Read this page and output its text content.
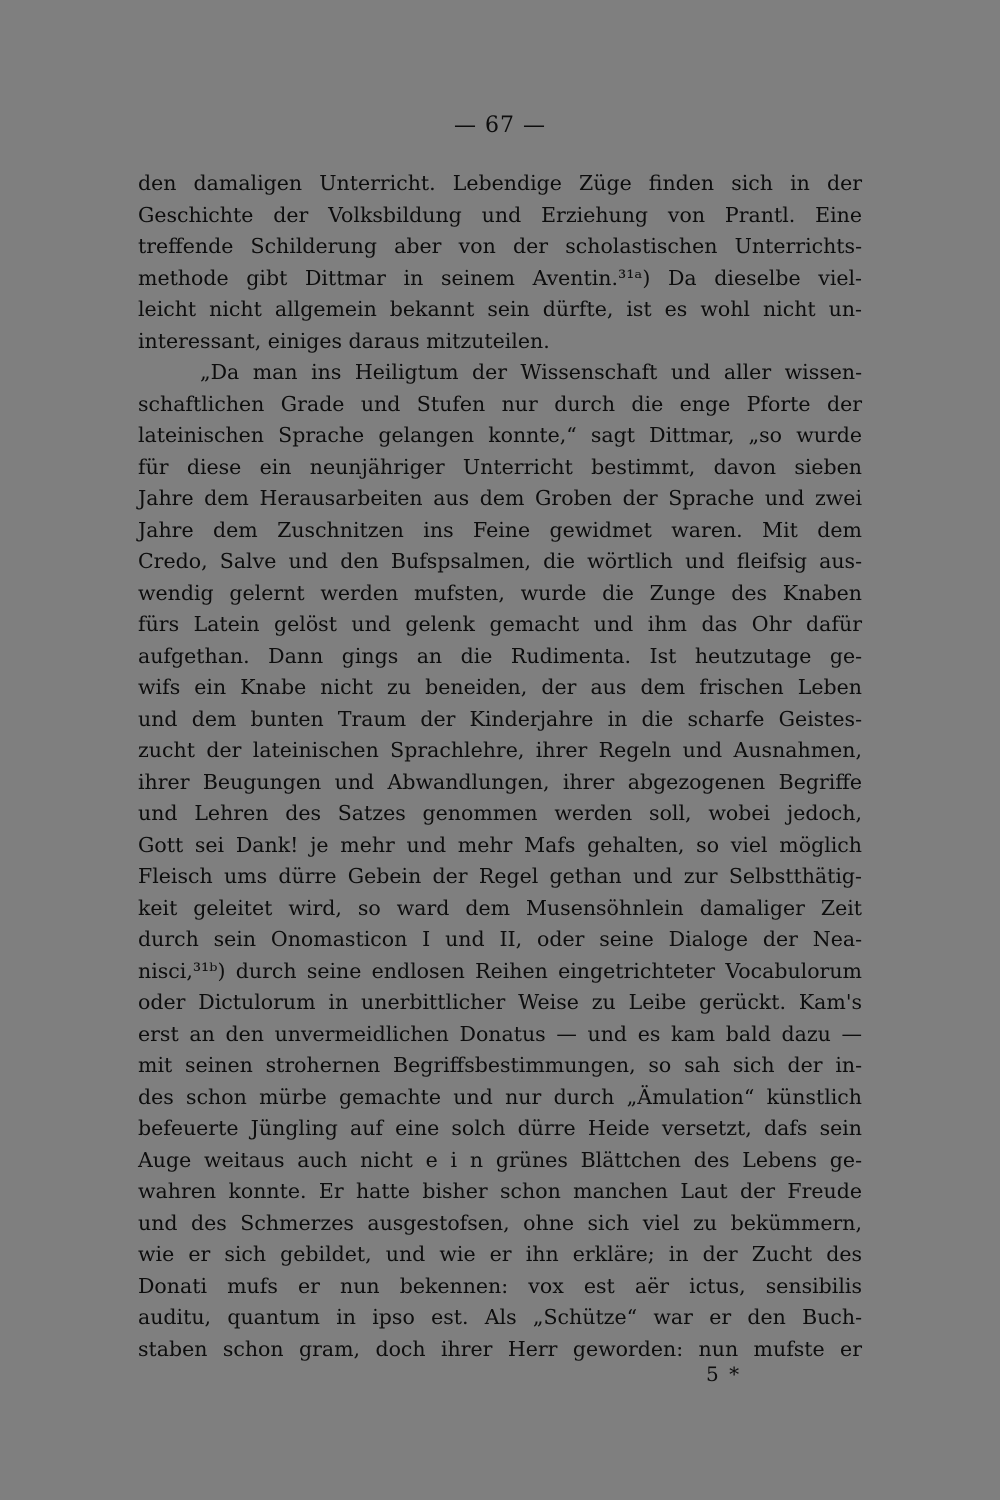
— 67 —
den damaligen Unterricht. Lebendige Züge finden sich in der
Geschichte der Volksbildung und Erziehung von Prantl. Eine
treffende Schilderung aber von der scholastischen Unterrichts-
methode gibt Dittmar in seinem Aventin.³¹ᵃ) Da dieselbe viel-
leicht nicht allgemein bekannt sein dürfte, ist es wohl nicht un-
interessant, einiges daraus mitzuteilen.
„Da man ins Heiligtum der Wissenschaft und aller wissen-
schaftlichen Grade und Stufen nur durch die enge Pforte der
lateinischen Sprache gelangen konnte,“ sagt Dittmar, „so wurde
für diese ein neunjähriger Unterricht bestimmt, davon sieben
Jahre dem Herausarbeiten aus dem Groben der Sprache und zwei
Jahre dem Zuschnitzen ins Feine gewidmet waren. Mit dem
Credo, Salve und den Bufspsalmen, die wörtlich und fleifsig aus-
wendig gelernt werden mufsten, wurde die Zunge des Knaben
fürs Latein gelöst und gelenk gemacht und ihm das Ohr dafür
aufgethan. Dann gings an die Rudimenta. Ist heutzutage ge-
wifs ein Knabe nicht zu beneiden, der aus dem frischen Leben
und dem bunten Traum der Kinderjahre in die scharfe Geistes-
zucht der lateinischen Sprachlehre, ihrer Regeln und Ausnahmen,
ihrer Beugungen und Abwandlungen, ihrer abgezogenen Begriffe
und Lehren des Satzes genommen werden soll, wobei jedoch,
Gott sei Dank! je mehr und mehr Mafs gehalten, so viel möglich
Fleisch ums dürre Gebein der Regel gethan und zur Selbstthätig-
keit geleitet wird, so ward dem Musensöhnlein damaliger Zeit
durch sein Onomasticon I und II, oder seine Dialoge der Nea-
nisci,³¹ᵇ) durch seine endlosen Reihen eingetrichteter Vocabulorum
oder Dictulorum in unerbittlicher Weise zu Leibe gerückt. Kam's
erst an den unvermeidlichen Donatus — und es kam bald dazu —
mit seinen strohernen Begriffsbestimmungen, so sah sich der in-
des schon mürbe gemachte und nur durch „Ämulation“ künstlich
befeuerte Jüngling auf eine solch dürre Heide versetzt, dafs sein
Auge weitaus auch nicht e i n grünes Blättchen des Lebens ge-
wahren konnte. Er hatte bisher schon manchen Laut der Freude
und des Schmerzes ausgestofsen, ohne sich viel zu bekümmern,
wie er sich gebildet, und wie er ihn erkläre; in der Zucht des
Donati mufs er nun bekennen: vox est aër ictus, sensibilis
auditu, quantum in ipso est. Als „Schütze“ war er den Buch-
staben schon gram, doch ihrer Herr geworden: nun mufste er
5 *
